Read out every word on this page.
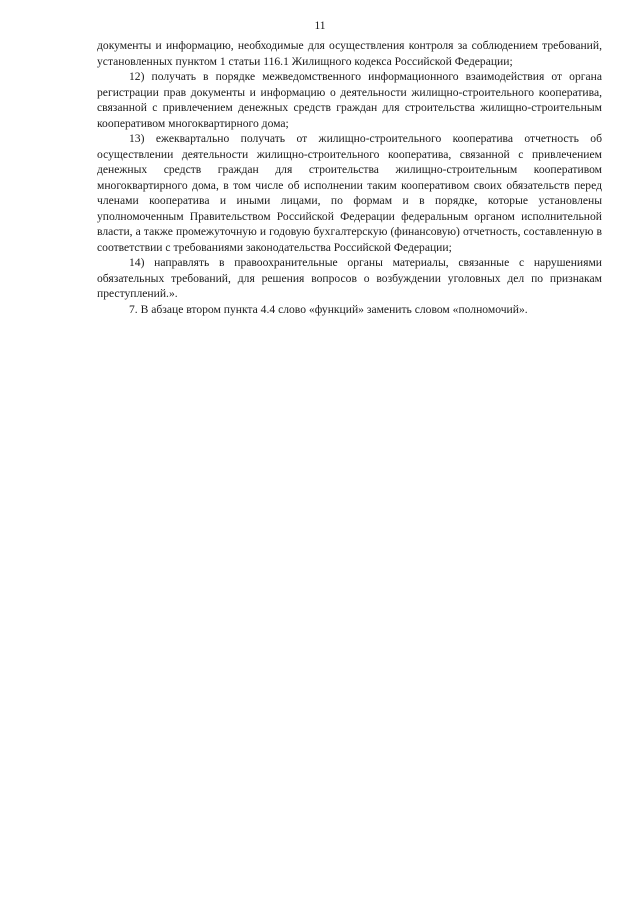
11

документы и информацию, необходимые для осуществления контроля за соблюдением требований, установленных пунктом 1 статьи 116.1 Жилищного кодекса Российской Федерации;

12) получать в порядке межведомственного информационного взаимодействия от органа регистрации прав документы и информацию о деятельности жилищно-строительного кооператива, связанной с привлечением денежных средств граждан для строительства жилищно-строительным кооперативом многоквартирного дома;

13) ежеквартально получать от жилищно-строительного кооператива отчетность об осуществлении деятельности жилищно-строительного кооператива, связанной с привлечением денежных средств граждан для строительства жилищно-строительным кооперативом многоквартирного дома, в том числе об исполнении таким кооперативом своих обязательств перед членами кооператива и иными лицами, по формам и в порядке, которые установлены уполномоченным Правительством Российской Федерации федеральным органом исполнительной власти, а также промежуточную и годовую бухгалтерскую (финансовую) отчетность, составленную в соответствии с требованиями законодательства Российской Федерации;

14) направлять в правоохранительные органы материалы, связанные с нарушениями обязательных требований, для решения вопросов о возбуждении уголовных дел по признакам преступлений.».

7. В абзаце втором пункта 4.4 слово «функций» заменить словом «полномочий».
